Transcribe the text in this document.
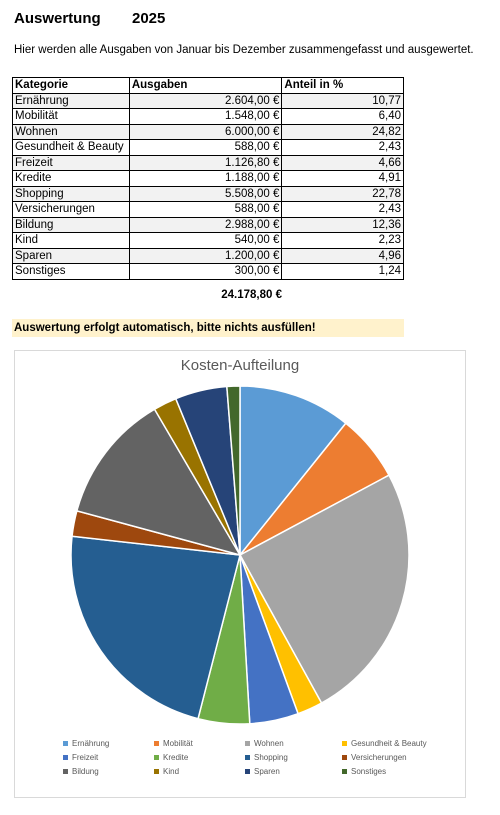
Auswertung 2025
Hier werden alle Ausgaben von Januar bis Dezember zusammengefasst und ausgewertet.
Kategorie	Ausgaben	Anteil in %
Ernährung	2.604,00 €	10,77
Mobilität	1.548,00 €	6,40
Wohnen	6.000,00 €	24,82
Gesundheit & Beauty	588,00 €	2,43
Freizeit	1.126,80 €	4,66
Kredite	1.188,00 €	4,91
Shopping	5.508,00 €	22,78
Versicherungen	588,00 €	2,43
Bildung	2.988,00 €	12,36
Kind	540,00 €	2,23
Sparen	1.200,00 €	4,96
Sonstiges	300,00 €	1,24
24.178,80 €
Auswertung erfolgt automatisch, bitte nichts ausfüllen!
Kosten-Aufteilung
Ernährung	Mobilität	Wohnen	Gesundheit & Beauty
Freizeit	Kredite	Shopping	Versicherungen
Bildung	Kind	Sparen	Sonstiges
